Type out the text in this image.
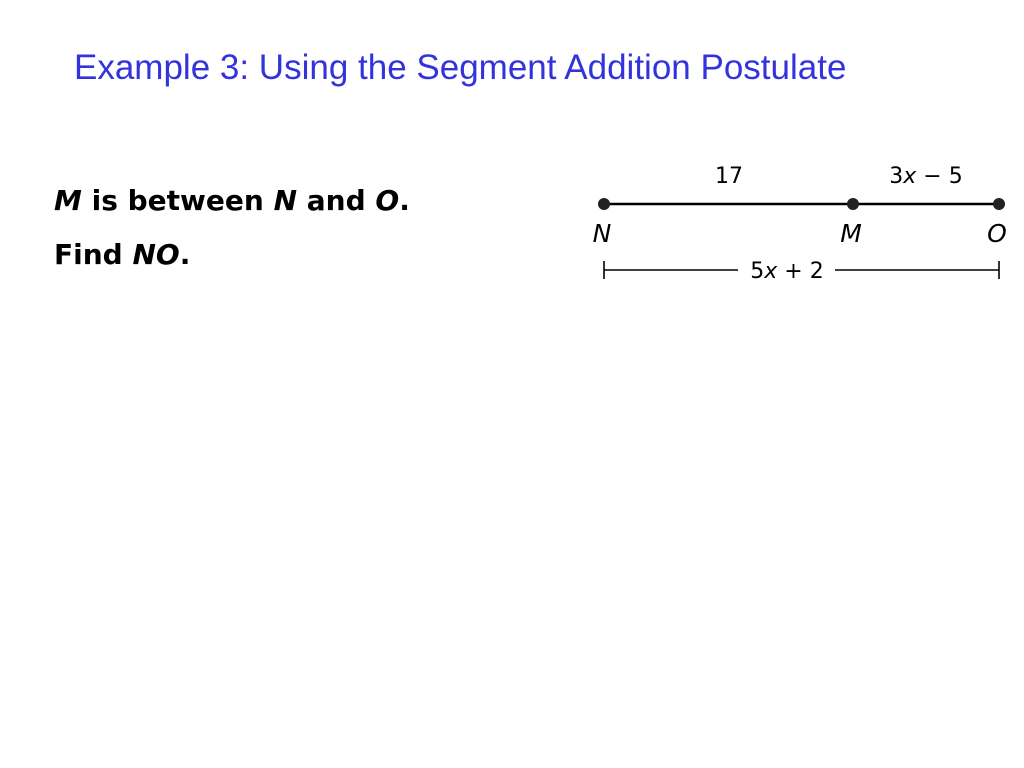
Example 3: Using the Segment Addition Postulate
M is between N and O.
Find NO.
17	3x − 5
N	M	O
5x + 2
